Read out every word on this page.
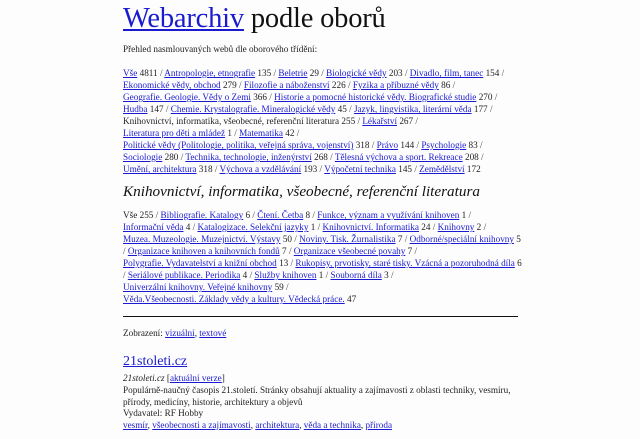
Webarchiv podle oborů
Přehled nasmlouvaných webů dle oborového třídění:
Vše 4811 / Antropologie, etnografie 135 / Beletrie 29 / Biologické vědy 203 / Divadlo, film, tanec 154 / Ekonomické vědy, obchod 279 / Filozofie a náboženství 226 / Fyzika a příbuzné vědy 86 / Geografie. Geologie. Vědy o Zemi 366 / Historie a pomocné historické vědy. Biografické studie 270 / Hudba 147 / Chemie. Krystalografie. Mineralogické vědy 45 / Jazyk, lingvistika, literární věda 177 / Knihovnictví, informatika, všeobecné, referenční literatura 255 / Lékařství 267 / Literatura pro děti a mládež 1 / Matematika 42 / Politické vědy (Politologie, politika, veřejná správa, vojenství) 318 / Právo 144 / Psychologie 83 / Sociologie 280 / Technika, technologie, inženýrství 268 / Tělesná výchova a sport. Rekreace 208 / Umění, architektura 318 / Výchova a vzdělávání 193 / Výpočetní technika 145 / Zemědělství 172
Knihovnictví, informatika, všeobecné, referenční literatura
Vše 255 / Bibliografie. Katalogy 6 / Čtení. Četba 8 / Funkce, význam a využívání knihoven 1 / Informační věda 4 / Katalogizace. Selekční jazyky 1 / Knihovnictví. Informatika 24 / Knihovny 2 / Muzea. Muzeologie. Muzejnictví. Výstavy 50 / Noviny. Tisk. Žurnalistika 7 / Odborné/speciální knihovny 5 / Organizace knihoven a knihovních fondů 7 / Organizace všeobecné povahy 7 / Polygrafie. Vydavatelství a knižní obchod 13 / Rukopisy, prvotisky, staré tisky. Vzácná a pozoruhodná díla 6 / Seriálové publikace. Periodika 4 / Služby knihoven 1 / Souborná díla 3 / Univerzální knihovny. Veřejné knihovny 59 / Věda.Všeobecnosti. Základy vědy a kultury. Vědecká práce. 47
Zobrazení: vizuální, textové
21stoleti.cz
21stoleti.cz [aktuální verze]
Populárně-naučný časopis 21.století. Stránky obsahují aktuality a zajímavosti z oblasti techniky, vesmíru, přírody, medicíny, historie, architektury a objevů
Vydavatel: RF Hobby
vesmír, všeobecnosti a zajímavosti, architektura, věda a technika, příroda
